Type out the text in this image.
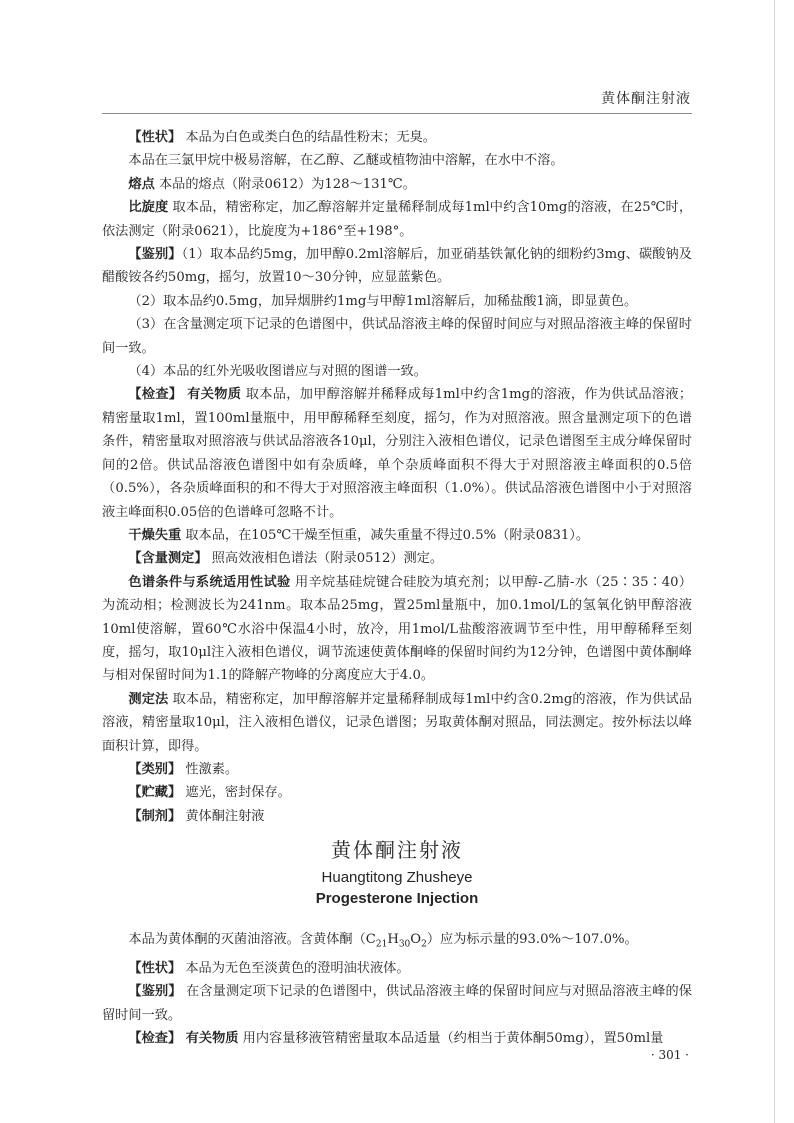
黄体酮注射液

【性状】 本品为白色或类白色的结晶性粉末；无臭。

本品在三氯甲烷中极易溶解，在乙醇、乙醚或植物油中溶解，在水中不溶。

熔点 本品的熔点（附录0612）为128～131℃。

比旋度 取本品，精密称定，加乙醇溶解并定量稀释制成每1ml中约含10mg的溶液，在25℃时，依法测定（附录0621），比旋度为+186°至+198°。

【鉴别】（1）取本品约5mg，加甲醇0.2ml溶解后，加亚硝基铁氰化钠的细粉约3mg、碳酸钠及醋酸铵各约50mg，摇匀，放置10～30分钟，应显蓝紫色。

（2）取本品约0.5mg，加异烟肼约1mg与甲醇1ml溶解后，加稀盐酸1滴，即显黄色。

（3）在含量测定项下记录的色谱图中，供试品溶液主峰的保留时间应与对照品溶液主峰的保留时间一致。

（4）本品的红外光吸收图谱应与对照的图谱一致。

【检查】 有关物质 取本品，加甲醇溶解并稀释成每1ml中约含1mg的溶液，作为供试品溶液；精密量取1ml，置100ml量瓶中，用甲醇稀释至刻度，摇匀，作为对照溶液。照含量测定项下的色谱条件，精密量取对照溶液与供试品溶液各10μl，分别注入液相色谱仪，记录色谱图至主成分峰保留时间的2倍。供试品溶液色谱图中如有杂质峰，单个杂质峰面积不得大于对照溶液主峰面积的0.5倍（0.5%），各杂质峰面积的和不得大于对照溶液主峰面积（1.0%）。供试品溶液色谱图中小于对照溶液主峰面积0.05倍的色谱峰可忽略不计。

干燥失重 取本品，在105℃干燥至恒重，减失重量不得过0.5%（附录0831）。

【含量测定】 照高效液相色谱法（附录0512）测定。

色谱条件与系统适用性试验 用辛烷基硅烷键合硅胶为填充剂；以甲醇-乙腈-水（25∶35∶40）为流动相；检测波长为241nm。取本品25mg，置25ml量瓶中，加0.1mol/L的氢氧化钠甲醇溶液10ml使溶解，置60℃水浴中保温4小时，放冷，用1mol/L盐酸溶液调节至中性，用甲醇稀释至刻度，摇匀，取10μl注入液相色谱仪，调节流速使黄体酮峰的保留时间约为12分钟，色谱图中黄体酮峰与相对保留时间为1.1的降解产物峰的分离度应大于4.0。

测定法 取本品，精密称定，加甲醇溶解并定量稀释制成每1ml中约含0.2mg的溶液，作为供试品溶液，精密量取10μl，注入液相色谱仪，记录色谱图；另取黄体酮对照品，同法测定。按外标法以峰面积计算，即得。

【类别】 性激素。

【贮藏】 遮光，密封保存。

【制剂】 黄体酮注射液

黄体酮注射液
Huangtitong Zhusheye
Progesterone Injection

本品为黄体酮的灭菌油溶液。含黄体酮$(C_{21}H_{30}O_2)$应为标示量的93.0%～107.0%。

【性状】 本品为无色至淡黄色的澄明油状液体。

【鉴别】 在含量测定项下记录的色谱图中，供试品溶液主峰的保留时间应与对照品溶液主峰的保留时间一致。

【检查】 有关物质 用内容量移液管精密量取本品适量（约相当于黄体酮50mg），置50ml量

· 301 ·
